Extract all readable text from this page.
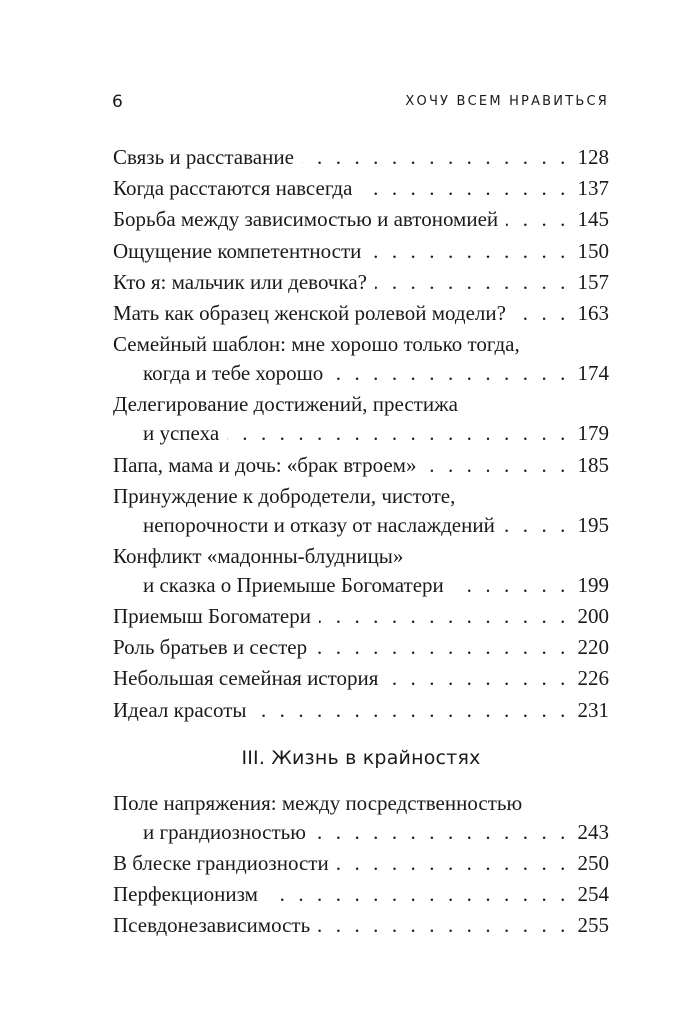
6	ХОЧУ ВСЕМ НРАВИТЬСЯ
Связь и расставание . . .	128
Когда расстаются навсегда . . .	137
Борьба между зависимостью и автономией . . .	145
Ощущение компетентности . . .	150
Кто я: мальчик или девочка? . . .	157
Мать как образец женской ролевой модели? . . .	163
Семейный шаблон: мне хорошо только тогда,
когда и тебе хорошо . . .	174
Делегирование достижений, престижа
и успеха . . .	179
Папа, мама и дочь: «брак втроем» . . .	185
Принуждение к добродетели, чистоте,
непорочности и отказу от наслаждений . . .	195
Конфликт «мадонны-блудницы»
и сказка о Приемыше Богоматери . . .	199
Приемыш Богоматери . . .	200
Роль братьев и сестер . . .	220
Небольшая семейная история . . .	226
Идеал красоты . . .	231
III. Жизнь в крайностях
Поле напряжения: между посредственностью
и грандиозностью . . .	243
В блеске грандиозности . . .	250
Перфекционизм . . .	254
Псевдонезависимость . . .	255
